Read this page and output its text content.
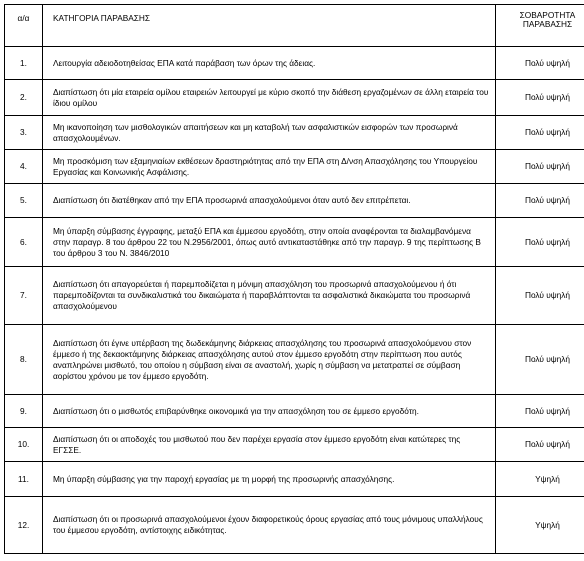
α/α	ΚΑΤΗΓΟΡΙΑ ΠΑΡΑΒΑΣΗΣ	ΣΟΒΑΡΟΤΗΤΑ
ΠΑΡΑΒΑΣΗΣ

1.	Λειτουργία αδειοδοτηθείσας ΕΠΑ κατά παράβαση των όρων της άδειας.	Πολύ υψηλή
2.	Διαπίστωση ότι μία εταιρεία ομίλου εταιρειών λειτουργεί με κύριο σκοπό την διάθεση εργαζομένων σε άλλη εταιρεία του ίδιου ομίλου	Πολύ υψηλή
3.	Μη ικανοποίηση των μισθολογικών απαιτήσεων και μη καταβολή των ασφαλιστικών εισφορών των προσωρινά απασχολουμένων.	Πολύ υψηλή
4.	Μη προσκόμιση των εξαμηνιαίων εκθέσεων δραστηριότητας από την ΕΠΑ στη Δ/νση Απασχόλησης του Υπουργείου Εργασίας και Κοινωνικής Ασφάλισης.	Πολύ υψηλή
5.	Διαπίστωση ότι διατέθηκαν από την ΕΠΑ προσωρινά απασχολούμενοι όταν αυτό δεν επιτρέπεται.	Πολύ υψηλή
6.	Μη ύπαρξη σύμβασης έγγραφης, μεταξύ ΕΠΑ και έμμεσου εργοδότη, στην οποία αναφέρονται τα διαλαμβανόμενα στην παραγρ. 8 του άρθρου 22 του Ν.2956/2001, όπως αυτό αντικαταστάθηκε από την παραγρ. 9 της περίπτωσης Β του άρθρου 3 του Ν. 3846/2010	Πολύ υψηλή
7.	Διαπίστωση ότι απαγορεύεται ή παρεμποδίζεται η μόνιμη απασχόληση του προσωρινά απασχολούμενου ή ότι παρεμποδίζονται τα συνδικαλιστικά του δικαιώματα ή παραβλάπτονται τα ασφαλιστικά δικαιώματα του προσωρινά απασχολούμενου	Πολύ υψηλή
8.	Διαπίστωση ότι έγινε υπέρβαση της δωδεκάμηνης διάρκειας απασχόλησης του προσωρινά απασχολούμενου στον έμμεσο ή της δεκαοκτάμηνης διάρκειας απασχόλησης αυτού στον έμμεσο εργοδότη στην περίπτωση που αυτός αναπληρώνει μισθωτό, του οποίου η σύμβαση είναι σε αναστολή, χωρίς η σύμβαση να μετατραπεί σε σύμβαση αορίστου χρόνου με τον έμμεσο εργοδότη.	Πολύ υψηλή
9.	Διαπίστωση ότι ο μισθωτός επιβαρύνθηκε οικονομικά για την απασχόληση του σε έμμεσο εργοδότη.	Πολύ υψηλή
10.	Διαπίστωση ότι οι αποδοχές του μισθωτού που δεν παρέχει εργασία στον έμμεσο εργοδότη είναι κατώτερες της ΕΓΣΣΕ.	Πολύ υψηλή
11.	Μη ύπαρξη σύμβασης για την παροχή εργασίας με τη μορφή της προσωρινής απασχόλησης.	Υψηλή
12.	Διαπίστωση ότι οι προσωρινά απασχολούμενοι έχουν διαφορετικούς όρους εργασίας από τους μόνιμους υπαλλήλους του έμμεσου εργοδότη, αντίστοιχης ειδικότητας.	Υψηλή
